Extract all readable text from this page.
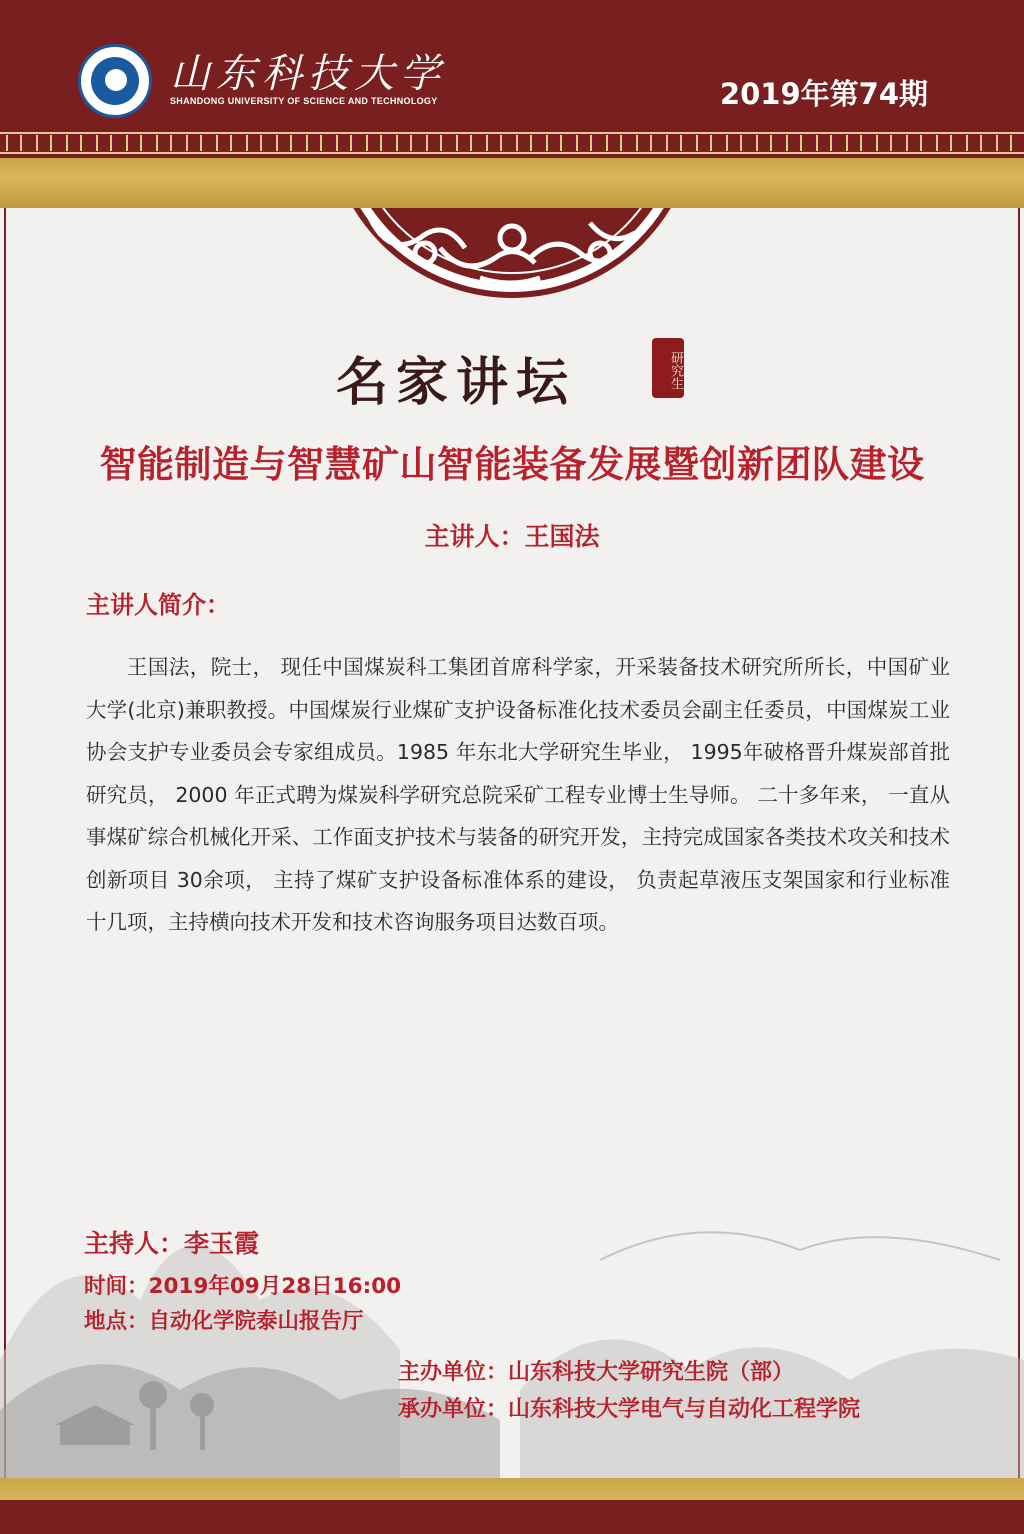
山东科技大学
SHANDONG UNIVERSITY OF SCIENCE AND TECHNOLOGY	2019年第74期
名家讲坛	研究生
智能制造与智慧矿山智能装备发展暨创新团队建设
主讲人：王国法
主讲人简介：

王国法，院士， 现任中国煤炭科工集团首席科学家，开采装备技术研究所所长，中国矿业大学(北京)兼职教授。中国煤炭行业煤矿支护设备标准化技术委员会副主任委员，中国煤炭工业协会支护专业委员会专家组成员。1985 年东北大学研究生毕业， 1995年破格晋升煤炭部首批研究员， 2000 年正式聘为煤炭科学研究总院采矿工程专业博士生导师。 二十多年来， 一直从事煤矿综合机械化开采、工作面支护技术与装备的研究开发，主持完成国家各类技术攻关和技术创新项目 30余项， 主持了煤矿支护设备标准体系的建设， 负责起草液压支架国家和行业标准十几项，主持横向技术开发和技术咨询服务项目达数百项。

主持人：李玉霞
时间：2019年09月28日16:00
地点：自动化学院泰山报告厅
主办单位：山东科技大学研究生院（部）
承办单位：山东科技大学电气与自动化工程学院
